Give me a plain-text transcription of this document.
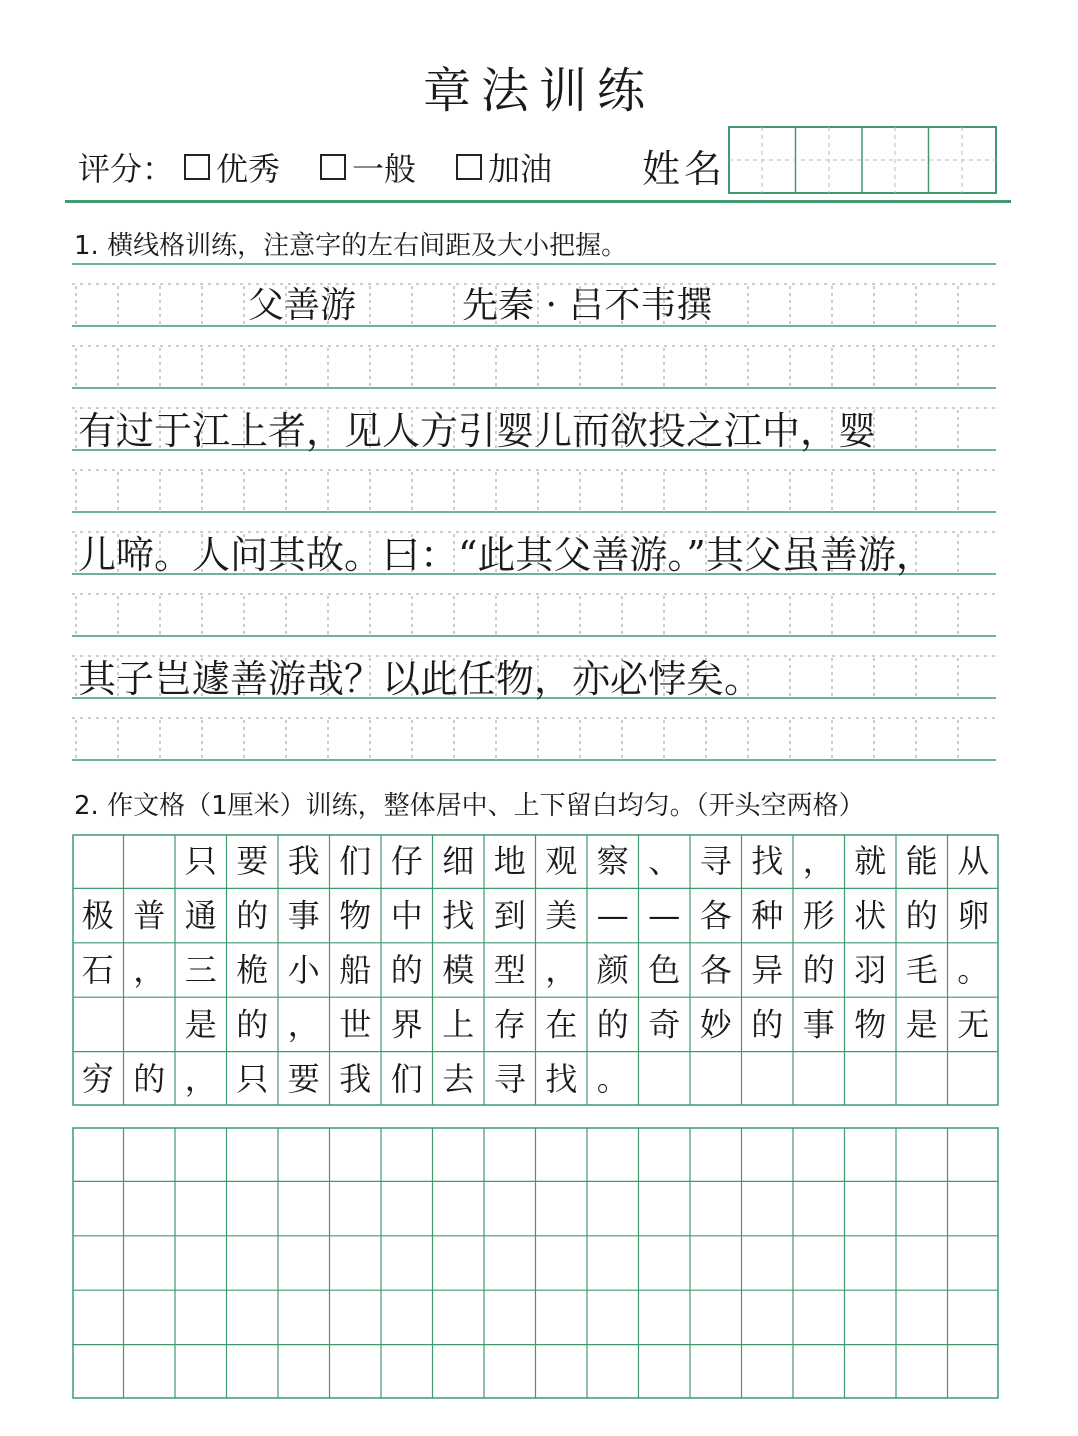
章法训练
评分： 优秀 一般 加油 姓名
1. 横线格训练，注意字的左右间距及大小把握。
父善游	先秦 · 吕不韦撰
有过于江上者，见人方引婴儿而欲投之江中，婴
儿啼。人问其故。曰：“此其父善游。”其父虽善游，
其子岂遽善游哉？以此任物，亦必悖矣。
2. 作文格（1厘米）训练，整体居中、上下留白均匀。（开头空两格）
只 要 我 们 仔 细 地 观 察 、 寻 找 ， 就 能 从
极 普 通 的 事 物 中 找 到 美 — — 各 种 形 状 的 卵
石 ， 三 桅 小 船 的 模 型 ， 颜 色 各 异 的 羽 毛 。
是 的 ， 世 界 上 存 在 的 奇 妙 的 事 物 是 无
穷 的 ， 只 要 我 们 去 寻 找 。
